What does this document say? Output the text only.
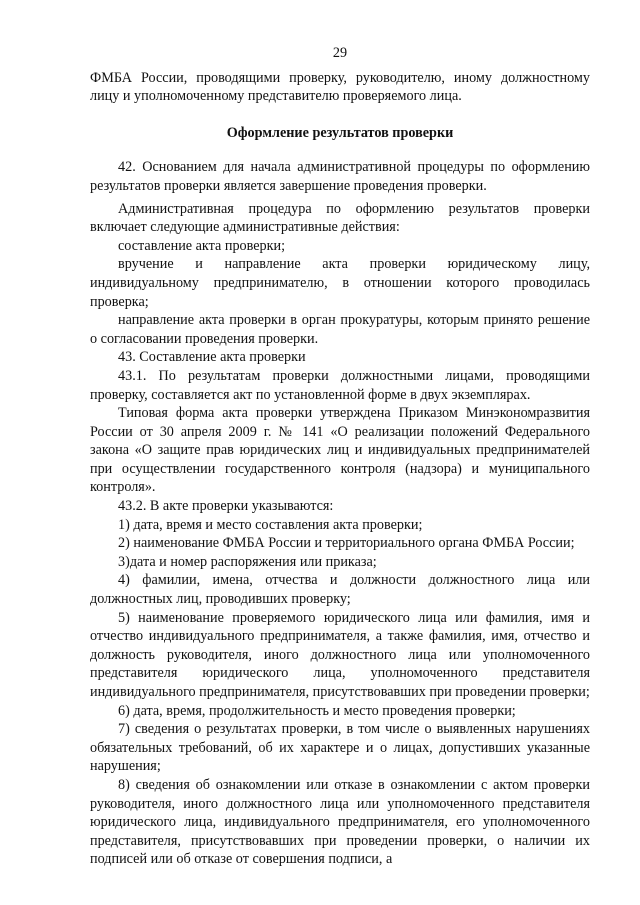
29

ФМБА России, проводящими проверку, руководителю, иному должностному лицу и уполномоченному представителю проверяемого лица.

Оформление результатов проверки

42. Основанием для начала административной процедуры по оформлению результатов проверки является завершение проведения проверки.

Административная процедура по оформлению результатов проверки включает следующие административные действия:

составление акта проверки;

вручение и направление акта проверки юридическому лицу, индивидуальному предпринимателю, в отношении которого проводилась проверка;

направление акта проверки в орган прокуратуры, которым принято решение о согласовании проведения проверки.

43. Составление акта проверки

43.1. По результатам проверки должностными лицами, проводящими проверку, составляется акт по установленной форме в двух экземплярах.

Типовая форма акта проверки утверждена Приказом Минэкономразвития России от 30 апреля 2009 г. № 141 «О реализации положений Федерального закона «О защите прав юридических лиц и индивидуальных предпринимателей при осуществлении государственного контроля (надзора) и муниципального контроля».

43.2. В акте проверки указываются:

1) дата, время и место составления акта проверки;

2) наименование ФМБА России и территориального органа ФМБА России;

3)дата и номер распоряжения или приказа;

4) фамилии, имена, отчества и должности должностного лица или должностных лиц, проводивших проверку;

5) наименование проверяемого юридического лица или фамилия, имя и отчество индивидуального предпринимателя, а также фамилия, имя, отчество и должность руководителя, иного должностного лица или уполномоченного представителя юридического лица, уполномоченного представителя индивидуального предпринимателя, присутствовавших при проведении проверки;

6) дата, время, продолжительность и место проведения проверки;

7) сведения о результатах проверки, в том числе о выявленных нарушениях обязательных требований, об их характере и о лицах, допустивших указанные нарушения;

8) сведения об ознакомлении или отказе в ознакомлении с актом проверки руководителя, иного должностного лица или уполномоченного представителя юридического лица, индивидуального предпринимателя, его уполномоченного представителя, присутствовавших при проведении проверки, о наличии их подписей или об отказе от совершения подписи, а
